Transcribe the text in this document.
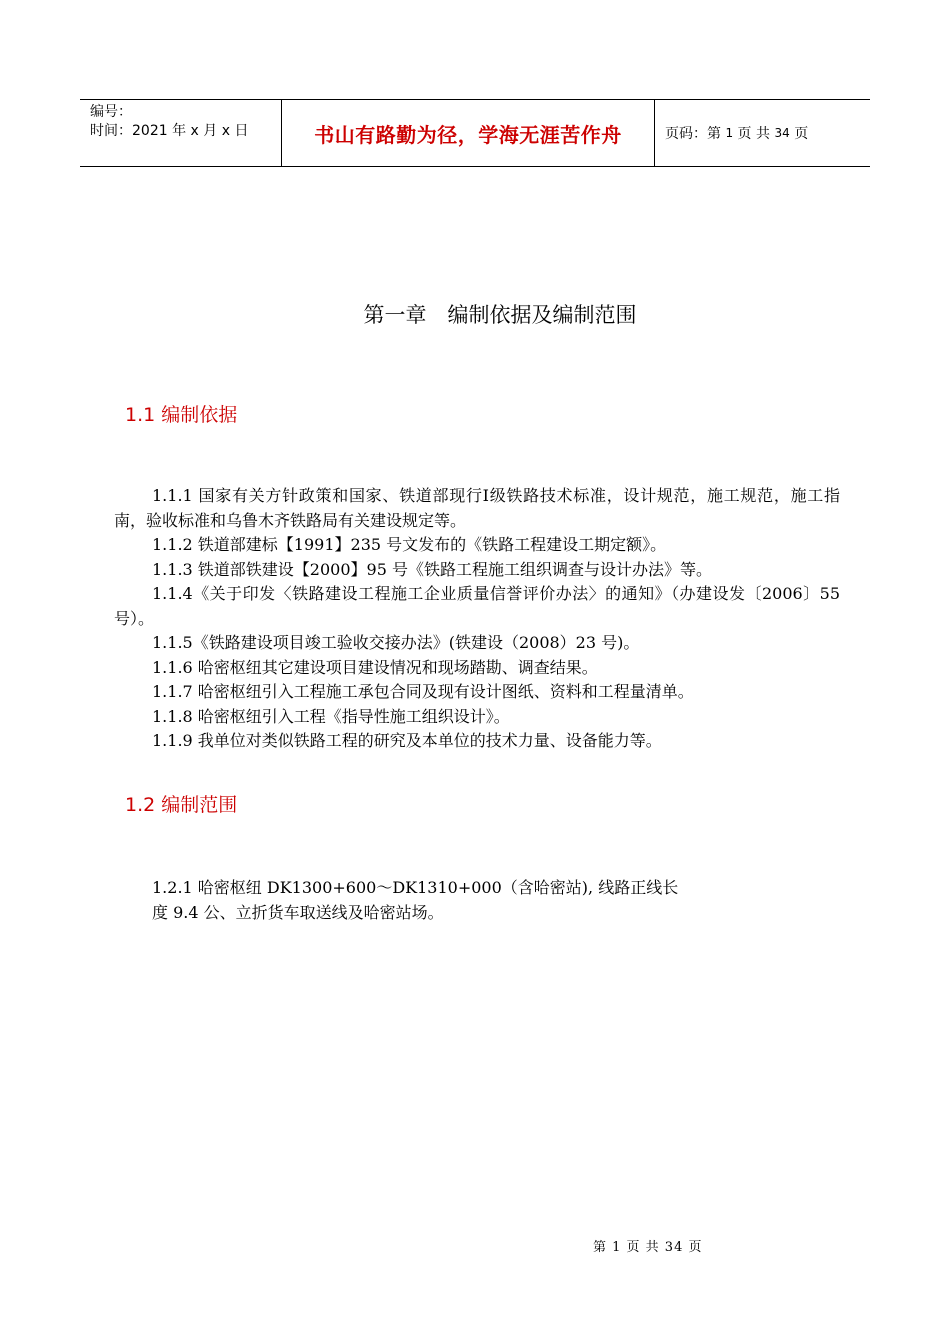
编号：
时间：2021 年 x 月 x 日	书山有路勤为径，学海无涯苦作舟	页码：第
1
页 共
34
页
第一章　编制依据及编制范围
1.1 编制依据

1.1.1 国家有关方针政策和国家、铁道部现行Ⅰ级铁路技术标准，设计规范，施工规范，施工指南，验收标准和乌鲁木齐铁路局有关建设规定等。

1.1.2 铁道部建标【1991】235 号文发布的《铁路工程建设工期定额》。

1.1.3 铁道部铁建设【2000】95 号《铁路工程施工组织调查与设计办法》等。

1.1.4《关于印发〈铁路建设工程施工企业质量信誉评价办法〉的通知》（办建设发〔2006〕55 号）。

1.1.5《铁路建设项目竣工验收交接办法》(铁建设（2008）23 号)。

1.1.6 哈密枢纽其它建设项目建设情况和现场踏勘、调查结果。

1.1.7 哈密枢纽引入工程施工承包合同及现有设计图纸、资料和工程量清单。

1.1.8 哈密枢纽引入工程《指导性施工组织设计》。

1.1.9 我单位对类似铁路工程的研究及本单位的技术力量、设备能力等。

1.2 编制范围

1.2.1 哈密枢纽 DK1300+600～DK1310+000（含哈密站), 线路正线长

度 9.4 公、立折货车取送线及哈密站场。

第 1 页 共 34 页
